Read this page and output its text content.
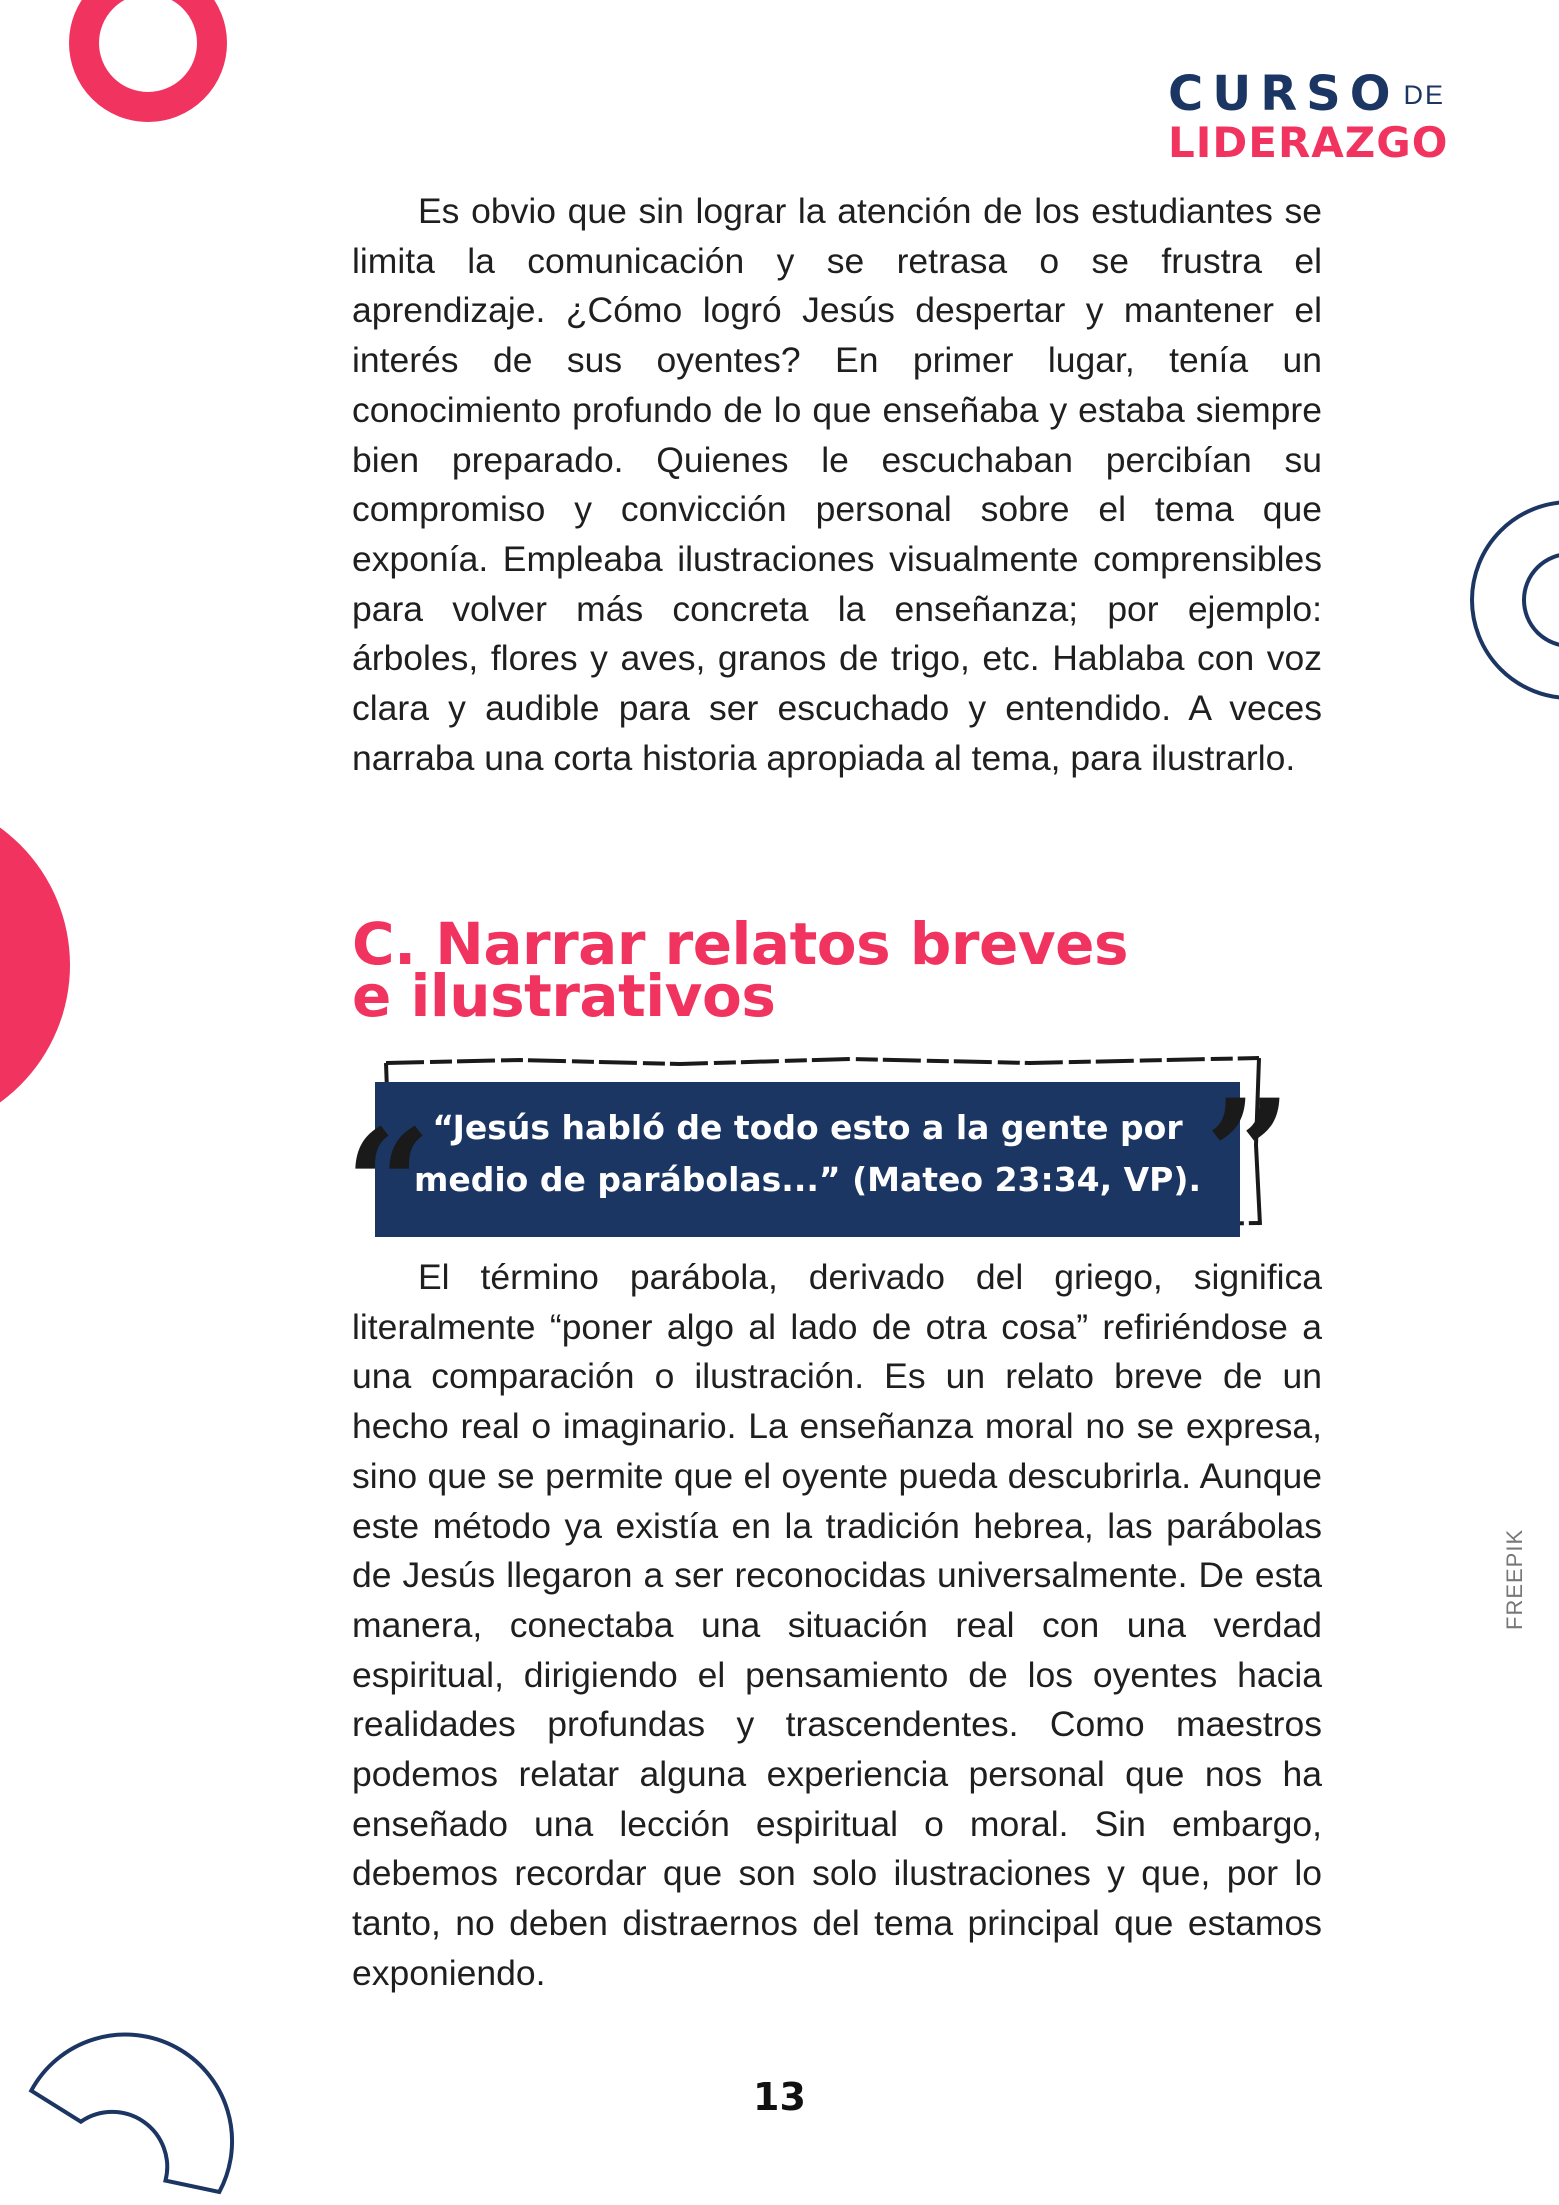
CURSO DE
LIDERAZGO
Es obvio que sin lograr la atención de los estudiantes se limita la comunicación y se retrasa o se frustra el aprendizaje. ¿Cómo logró Jesús despertar y mantener el interés de sus oyentes? En primer lugar, tenía un conocimiento profundo de lo que enseñaba y estaba siempre bien preparado. Quienes le escuchaban percibían su compromiso y convicción personal sobre el tema que exponía. Empleaba ilustraciones visualmente comprensibles para volver más concreta la enseñanza; por ejemplo: árboles, flores y aves, granos de trigo, etc. Hablaba con voz clara y audible para ser escuchado y entendido. A veces narraba una corta historia apropiada al tema, para ilustrarlo.
C. Narrar relatos breves
e ilustrativos
“Jesús habló de todo esto a la gente por
medio de parábolas...” (Mateo 23:34, VP).
“	”
El término parábola, derivado del griego, significa literalmente “poner algo al lado de otra cosa” refiriéndose a una comparación o ilustración. Es un relato breve de un hecho real o imaginario. La enseñanza moral no se expresa, sino que se permite que el oyente pueda descubrirla. Aunque este método ya existía en la tradición hebrea, las parábolas de Jesús llegaron a ser reconocidas universalmente. De esta manera, conectaba una situación real con una verdad espiritual, dirigiendo el pensamiento de los oyentes hacia realidades profundas y trascendentes. Como maestros podemos relatar alguna experiencia personal que nos ha enseñado una lección espiritual o moral. Sin embargo, debemos recordar que son solo ilustraciones y que, por lo tanto, no deben distraernos del tema principal que estamos exponiendo.
13
FREEPIK
